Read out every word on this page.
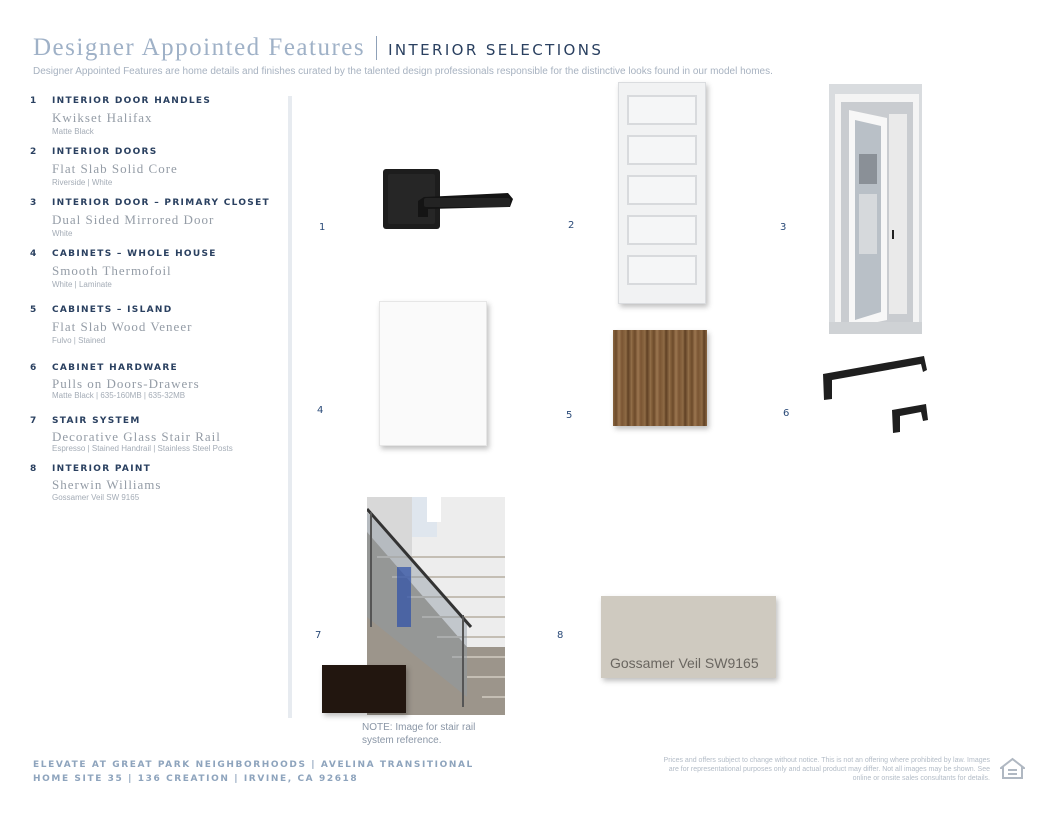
Designer Appointed Features INTERIOR SELECTIONS
Designer Appointed Features are home details and finishes curated by the talented design professionals responsible for the distinctive looks found in our model homes.
1 INTERIOR DOOR HANDLES
Kwikset Halifax
Matte Black
2 INTERIOR DOORS
Flat Slab Solid Core
Riverside | White
3 INTERIOR DOOR – PRIMARY CLOSET
Dual Sided Mirrored Door
White
4 CABINETS – WHOLE HOUSE
Smooth Thermofoil
White | Laminate
5 CABINETS – ISLAND
Flat Slab Wood Veneer
Fulvo | Stained
6 CABINET HARDWARE
Pulls on Doors-Drawers
Matte Black | 635-160MB | 635-32MB
7 STAIR SYSTEM
Decorative Glass Stair Rail
Espresso | Stained Handrail | Stainless Steel Posts
8 INTERIOR PAINT
Sherwin Williams
Gossamer Veil SW 9165
1	2	3
4	5	6
7	8
NOTE: Image for stair rail system reference.
Gossamer Veil SW9165
ELEVATE AT GREAT PARK NEIGHBORHOODS | AVELINA TRANSITIONAL
HOME SITE 35 | 136 CREATION | IRVINE, CA 92618
Prices and offers subject to change without notice. This is not an offering where prohibited by law. Images are for representational purposes only and actual product may differ. Not all images may be shown. See online or onsite sales consultants for details.
